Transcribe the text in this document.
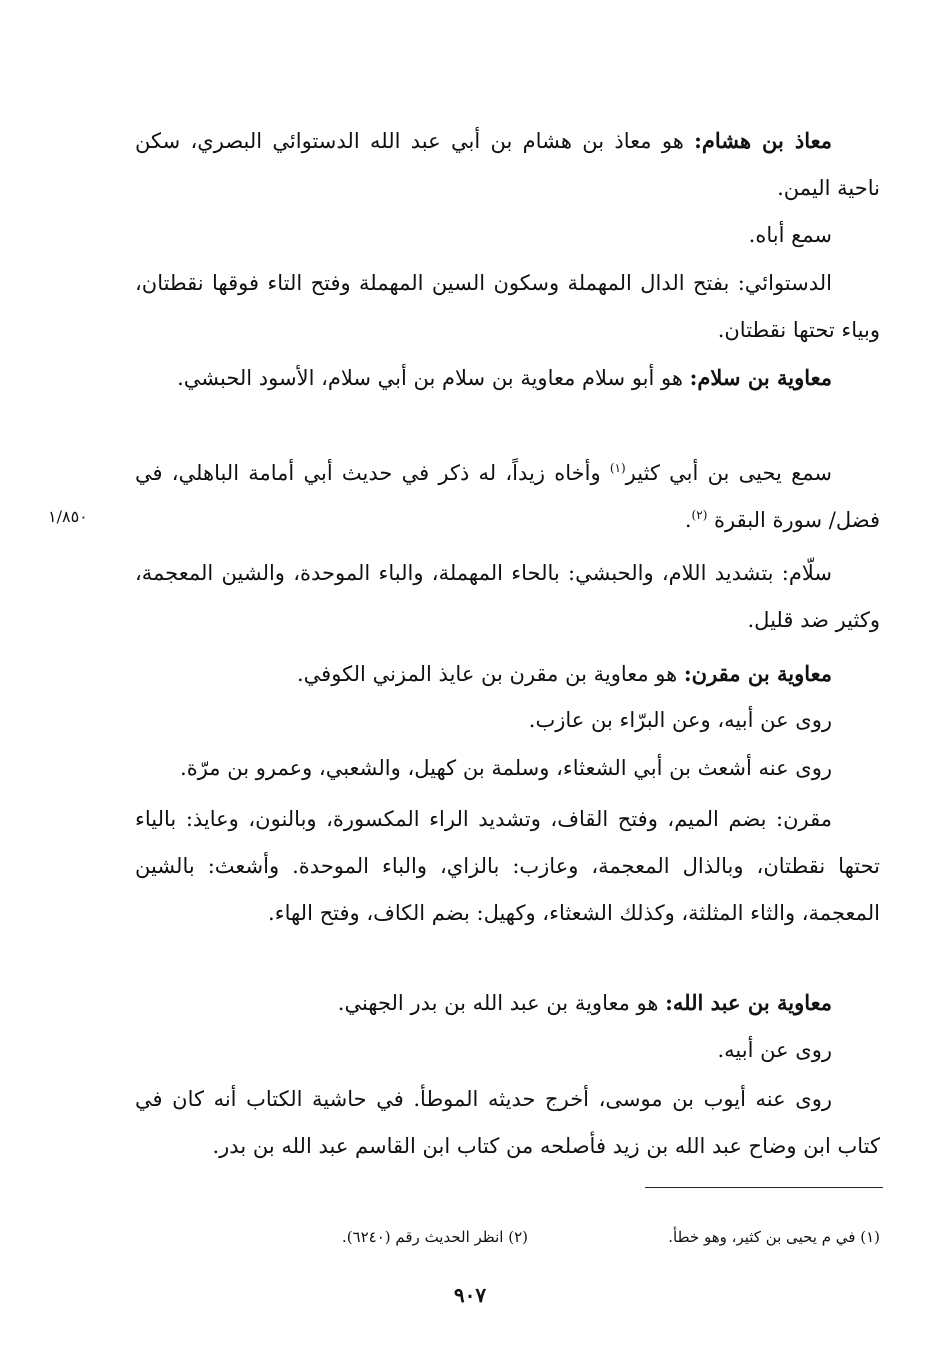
معاذ بن هشام: هو معاذ بن هشام بن أبي عبد الله الدستوائي البصري، سكن ناحية اليمن.

سمع أباه.

الدستوائي: بفتح الدال المهملة وسكون السين المهملة وفتح التاء فوقها نقطتان، وبياء تحتها نقطتان.

معاوية بن سلام: هو أبو سلام معاوية بن سلام بن أبي سلام، الأسود الحبشي.

سمع يحيى بن أبي كثير$^{(١)}$ وأخاه زيداً، له ذكر في حديث أبي أمامة الباهلي، في فضل/ سورة البقرة $^{(٢)}$.

سلّام: بتشديد اللام، والحبشي: بالحاء المهملة، والباء الموحدة، والشين المعجمة، وكثير ضد قليل.

معاوية بن مقرن: هو معاوية بن مقرن بن عايذ المزني الكوفي.

روى عن أبيه، وعن البرّاء بن عازب.

روى عنه أشعث بن أبي الشعثاء، وسلمة بن كهيل، والشعبي، وعمرو بن مرّة.

مقرن: بضم الميم، وفتح القاف، وتشديد الراء المكسورة، وبالنون، وعايذ: بالياء تحتها نقطتان، وبالذال المعجمة، وعازب: بالزاي، والباء الموحدة. وأشعث: بالشين المعجمة، والثاء المثلثة، وكذلك الشعثاء، وكهيل: بضم الكاف، وفتح الهاء.

معاوية بن عبد الله: هو معاوية بن عبد الله بن بدر الجهني.

روى عن أبيه.

روى عنه أيوب بن موسى، أخرج حديثه الموطأ. في حاشية الكتاب أنه كان في كتاب ابن وضاح عبد الله بن زيد فأصلحه من كتاب ابن القاسم عبد الله بن بدر.

١/٨٥٠
(١) في م يحيى بن كثير، وهو خطأ.
(٢) انظر الحديث رقم (٦٢٤٠).
٩٠٧
